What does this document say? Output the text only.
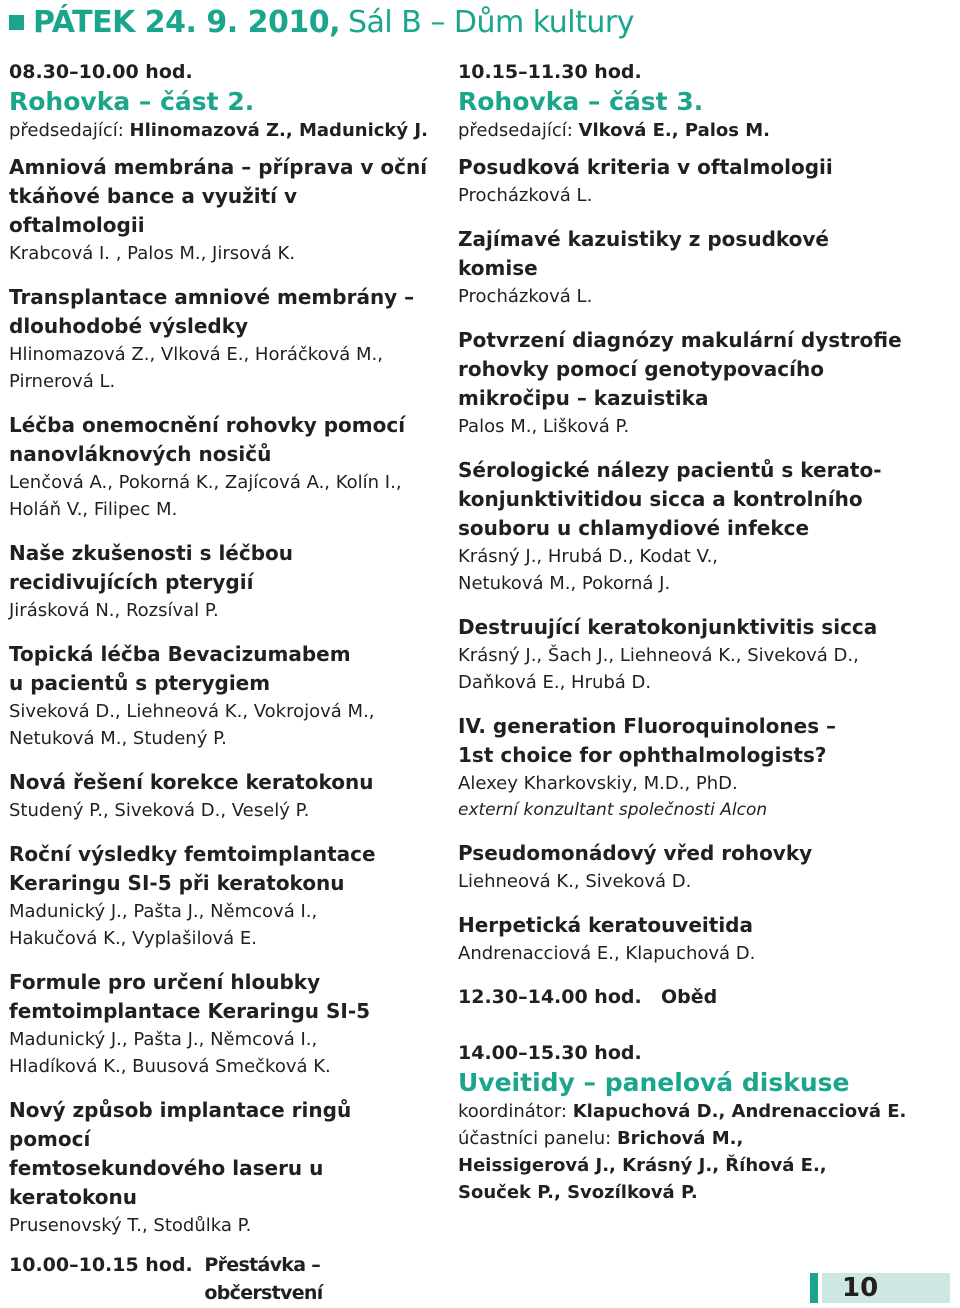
PÁTEK 24. 9. 2010, Sál B – Dům kultury
08.30–10.00 hod.
Rohovka – část 2.
předsedající: Hlinomazová Z., Madunický J.
Amniová membrána – příprava v oční
tkáňové bance a využití v oftalmologii
Krabcová I. , Palos M., Jirsová K.
Transplantace amniové membrány –
dlouhodobé výsledky
Hlinomazová Z., Vlková E., Horáčková M.,
Pirnerová L.
Léčba onemocnění rohovky pomocí
nanovláknových nosičů
Lenčová A., Pokorná K., Zajícová A., Kolín I.,
Holáň V., Filipec M.
Naše zkušenosti s léčbou
recidivujících pterygií
Jirásková N., Rozsíval P.
Topická léčba Bevacizumabem
u pacientů s pterygiem
Siveková D., Liehneová K., Vokrojová M.,
Netuková M., Studený P.
Nová řešení korekce keratokonu
Studený P., Siveková D., Veselý P.
Roční výsledky femtoimplantace
Keraringu SI-5 při keratokonu
Madunický J., Pašta J., Němcová I.,
Hakučová K., Vyplašilová E.
Formule pro určení hloubky
femtoimplantace Keraringu SI-5
Madunický J., Pašta J., Němcová I.,
Hladíková K., Buusová Smečková K.
Nový způsob implantace ringů pomocí
femtosekundového laseru u keratokonu
Prusenovský T., Stodůlka P.
10.00–10.15 hod. Přestávka – občerstvení
10.15–11.30 hod.
Rohovka – část 3.
předsedající: Vlková E., Palos M.
Posudková kriteria v oftalmologii
Procházková L.
Zajímavé kazuistiky z posudkové
komise
Procházková L.
Potvrzení diagnózy makulární dystrofie
rohovky pomocí genotypovacího
mikročipu – kazuistika
Palos M., Lišková P.
Sérologické nálezy pacientů s kerato-
konjunktivitidou sicca a kontrolního
souboru u chlamydiové infekce
Krásný J., Hrubá D., Kodat V.,
Netuková M., Pokorná J.
Destruující keratokonjunktivitis sicca
Krásný J., Šach J., Liehneová K., Siveková D.,
Daňková E., Hrubá D.
IV. generation Fluoroquinolones –
1st choice for ophthalmologists?
Alexey Kharkovskiy, M.D., PhD.
externí konzultant společnosti Alcon
Pseudomonádový vřed rohovky
Liehneová K., Siveková D.
Herpetická keratouveitida
Andrenacciová E., Klapuchová D.
12.30–14.00 hod.	Oběd
14.00–15.30 hod.
Uveitidy – panelová diskuse
koordinátor: Klapuchová D., Andrenacciová E.
účastníci panelu: Brichová M.,
Heissigerová J., Krásný J., Říhová E.,
Souček P., Svozílková P.
10
